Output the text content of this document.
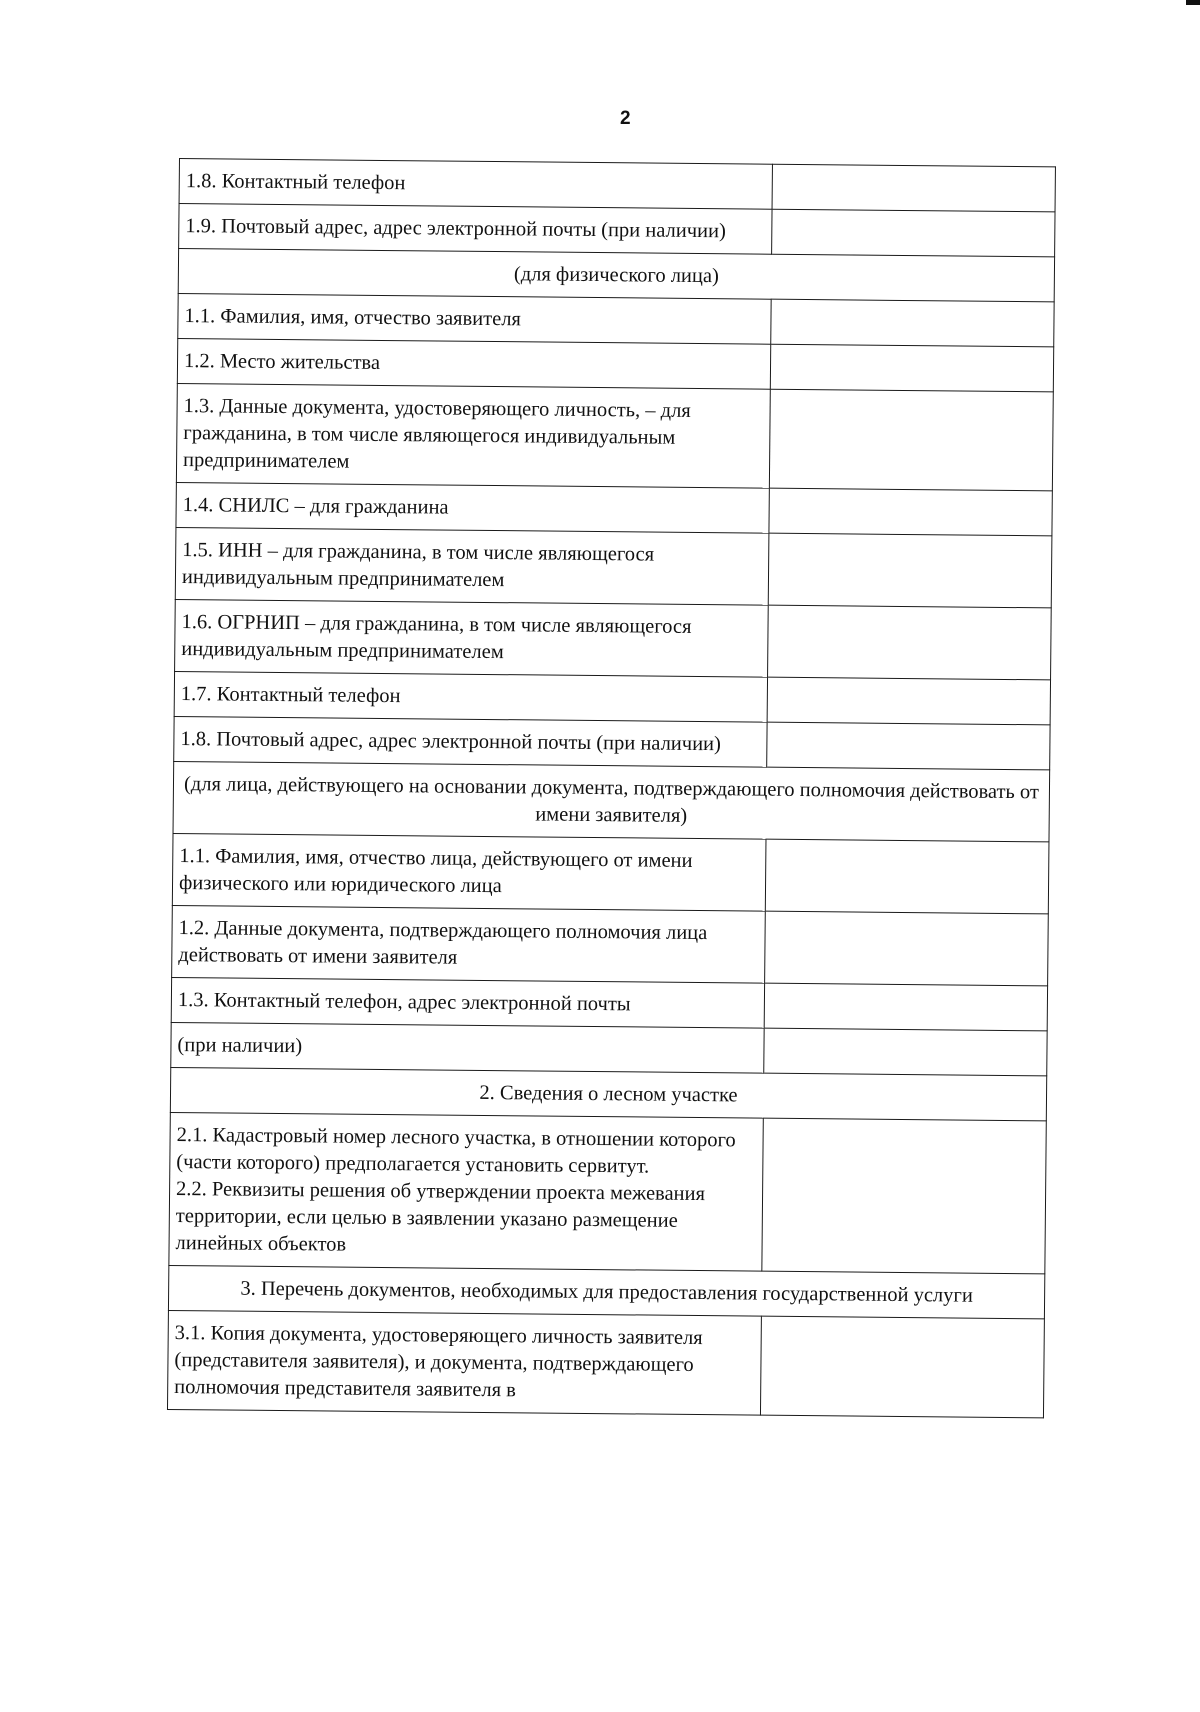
2
1.8. Контактный телефон	
1.9. Почтовый адрес, адрес электронной почты (при наличии)	
(для физического лица)	
1.1. Фамилия, имя, отчество заявителя	
1.2. Место жительства	
1.3. Данные документа, удостоверяющего личность, – для гражданина, в том числе являющегося индивидуальным предпринимателем	
1.4. СНИЛС – для гражданина	
1.5. ИНН – для гражданина, в том числе являющегося индивидуальным предпринимателем	
1.6. ОГРНИП – для гражданина, в том числе являющегося индивидуальным предпринимателем	
1.7. Контактный телефон	
1.8. Почтовый адрес, адрес электронной почты (при наличии)	
(для лица, действующего на основании документа, подтверждающего полномочия действовать от имени заявителя)	
1.1. Фамилия, имя, отчество лица, действующего от имени физического или юридического лица	
1.2. Данные документа, подтверждающего полномочия лица действовать от имени заявителя	
1.3. Контактный телефон, адрес электронной почты	
(при наличии)	
2. Сведения о лесном участке	
2.1. Кадастровый номер лесного участка, в отношении которого (части которого) предполагается установить сервитут.
2.2. Реквизиты решения об утверждении проекта межевания территории, если целью в заявлении указано размещение линейных объектов	
3. Перечень документов, необходимых для предоставления государственной услуги	
3.1. Копия документа, удостоверяющего личность заявителя (представителя заявителя), и документа, подтверждающего полномочия представителя заявителя в	
